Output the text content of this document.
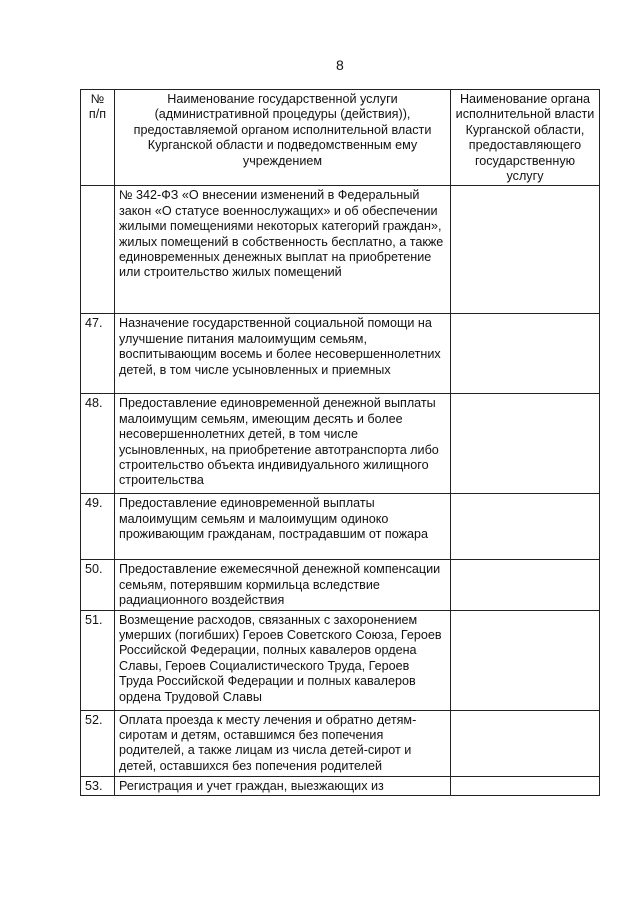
8
№
п/п	Наименование государственной услуги (административной процедуры (действия)), предоставляемой органом исполнительной власти Курганской области и подведомственным ему учреждением	Наименование органа исполнительной власти Курганской области, предоставляющего государственную услугу
	№ 342-ФЗ «О внесении изменений в Федеральный закон «О статусе военнослужащих» и об обеспечении жилыми помещениями некоторых категорий граждан», жилых помещений в собственность бесплатно, а также единовременных денежных выплат на приобретение или строительство жилых помещений	
47.	Назначение государственной социальной помощи на улучшение питания малоимущим семьям, воспитывающим восемь и более несовершеннолетних детей, в том числе усыновленных и приемных	
48.	Предоставление единовременной денежной выплаты малоимущим семьям, имеющим десять и более несовершеннолетних детей, в том числе усыновленных, на приобретение автотранспорта либо строительство объекта индивидуального жилищного строительства	
49.	Предоставление единовременной выплаты малоимущим семьям и малоимущим одиноко проживающим гражданам, пострадавшим от пожара	
50.	Предоставление ежемесячной денежной компенсации семьям, потерявшим кормильца вследствие радиационного воздействия	
51.	Возмещение расходов, связанных с захоронением умерших (погибших) Героев Советского Союза, Героев Российской Федерации, полных кавалеров ордена Славы, Героев Социалистического Труда, Героев Труда Российской Федерации и полных кавалеров ордена Трудовой Славы	
52.	Оплата проезда к месту лечения и обратно детям-сиротам и детям, оставшимся без попечения родителей, а также лицам из числа детей-сирот и детей, оставшихся без попечения родителей	
53.	Регистрация и учет граждан, выезжающих из	
